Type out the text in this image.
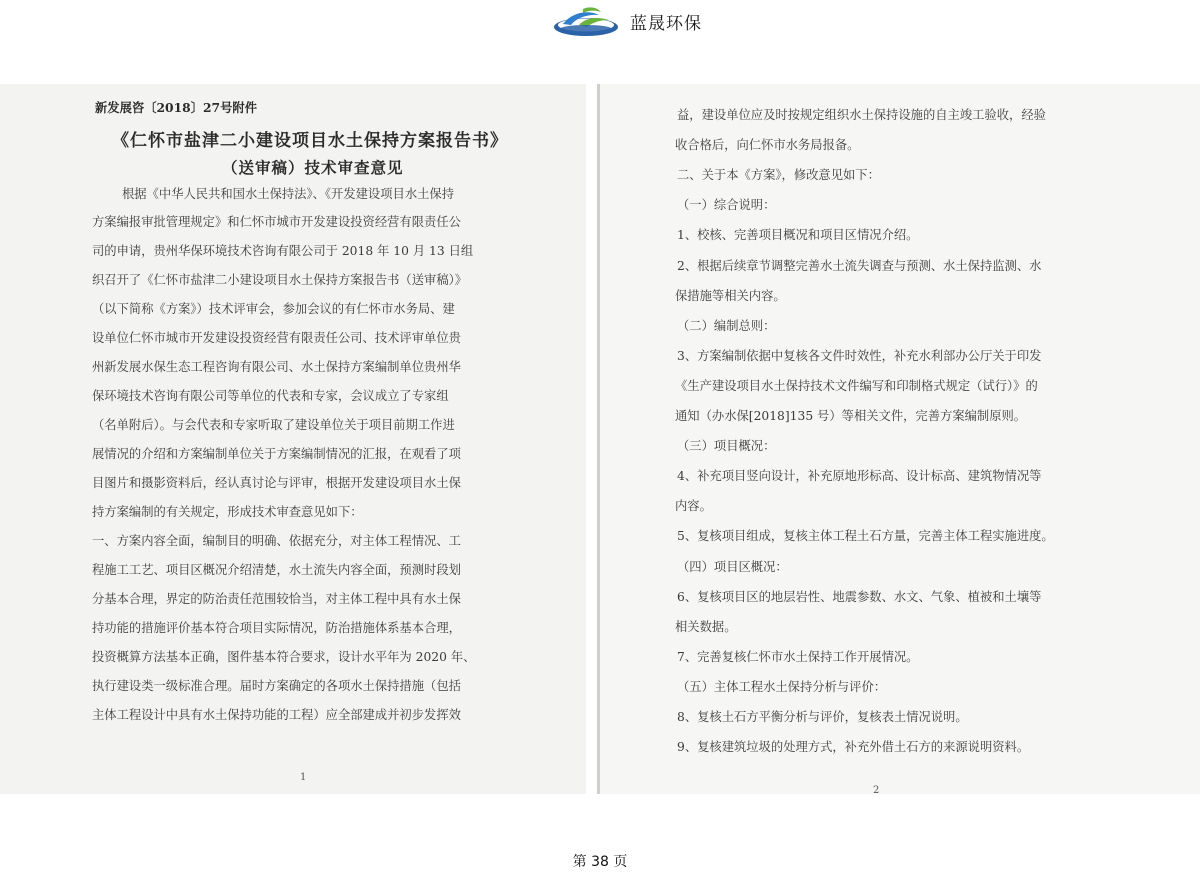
蓝晟环保
新发展咨〔2018〕27号附件
《仁怀市盐津二小建设项目水土保持方案报告书》
（送审稿）技术审查意见
根据《中华人民共和国水土保持法》、《开发建设项目水土保持
方案编报审批管理规定》和仁怀市城市开发建设投资经营有限责任公
司的申请，贵州华保环境技术咨询有限公司于 2018 年 10 月 13 日组
织召开了《仁怀市盐津二小建设项目水土保持方案报告书（送审稿）》
（以下简称《方案》）技术评审会，参加会议的有仁怀市水务局、建
设单位仁怀市城市开发建设投资经营有限责任公司、技术评审单位贵
州新发展水保生态工程咨询有限公司、水土保持方案编制单位贵州华
保环境技术咨询有限公司等单位的代表和专家，会议成立了专家组
（名单附后）。与会代表和专家听取了建设单位关于项目前期工作进
展情况的介绍和方案编制单位关于方案编制情况的汇报，在观看了项
目图片和摄影资料后，经认真讨论与评审，根据开发建设项目水土保
持方案编制的有关规定，形成技术审查意见如下：
一、方案内容全面，编制目的明确、依据充分，对主体工程情况、工
程施工工艺、项目区概况介绍清楚，水土流失内容全面，预测时段划
分基本合理，界定的防治责任范围较恰当，对主体工程中具有水土保
持功能的措施评价基本符合项目实际情况，防治措施体系基本合理，
投资概算方法基本正确，图件基本符合要求，设计水平年为 2020 年、
执行建设类一级标准合理。届时方案确定的各项水土保持措施（包括
主体工程设计中具有水土保持功能的工程）应全部建成并初步发挥效
1
益，建设单位应及时按规定组织水土保持设施的自主竣工验收，经验
收合格后，向仁怀市水务局报备。
二、关于本《方案》，修改意见如下：
（一）综合说明：
1、校核、完善项目概况和项目区情况介绍。
2、根据后续章节调整完善水土流失调查与预测、水土保持监测、水
保措施等相关内容。
（二）编制总则：
3、方案编制依据中复核各文件时效性，补充水利部办公厅关于印发
《生产建设项目水土保持技术文件编写和印制格式规定（试行）》的
通知（办水保[2018]135 号）等相关文件，完善方案编制原则。
（三）项目概况：
4、补充项目竖向设计，补充原地形标高、设计标高、建筑物情况等
内容。
5、复核项目组成，复核主体工程土石方量，完善主体工程实施进度。
（四）项目区概况：
6、复核项目区的地层岩性、地震参数、水文、气象、植被和土壤等
相关数据。
7、完善复核仁怀市水土保持工作开展情况。
（五）主体工程水土保持分析与评价：
8、复核土石方平衡分析与评价，复核表土情况说明。
9、复核建筑垃圾的处理方式，补充外借土石方的来源说明资料。
2
第 38 页
